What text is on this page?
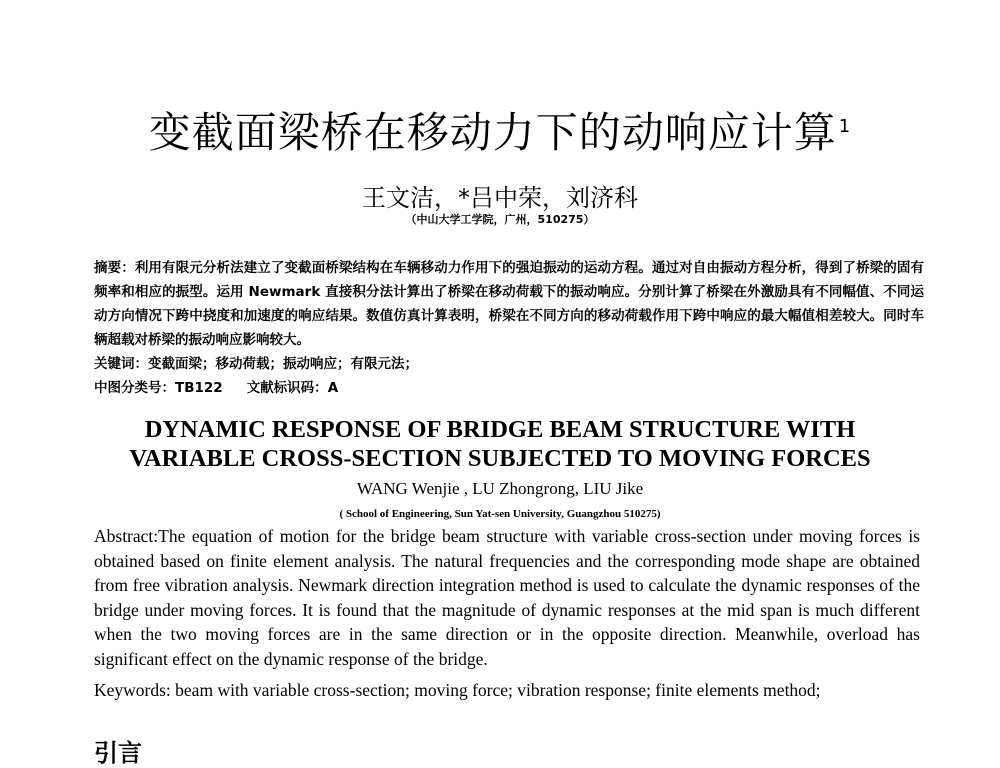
变截面梁桥在移动力下的动响应计算 $^1$
王文洁，*吕中荣，刘济科
（中山大学工学院，广州，510275）

摘要：利用有限元分析法建立了变截面桥梁结构在车辆移动力作用下的强迫振动的运动方程。通过对自由振动方程分析，得到了桥梁的固有频率和相应的振型。运用 Newmark 直接积分法计算出了桥梁在移动荷载下的振动响应。分别计算了桥梁在外激励具有不同幅值、不同运动方向情况下跨中挠度和加速度的响应结果。数值仿真计算表明，桥梁在不同方向的移动荷载作用下跨中响应的最大幅值相差较大。同时车辆超载对桥梁的振动响应影响较大。

关键词：变截面梁；移动荷载；振动响应；有限元法；

中图分类号：TB122 文献标识码：A

DYNAMIC RESPONSE OF BRIDGE BEAM STRUCTURE WITH
VARIABLE CROSS-SECTION SUBJECTED TO MOVING FORCES
WANG Wenjie , LU Zhongrong, LIU Jike
( School of Engineering, Sun Yat-sen University, Guangzhou 510275)

Abstract:The equation of motion for the bridge beam structure with variable cross-section under moving forces is obtained based on finite element analysis. The natural frequencies and the corresponding mode shape are obtained from free vibration analysis. Newmark direction integration method is used to calculate the dynamic responses of the bridge under moving forces. It is found that the magnitude of dynamic responses at the mid span is much different when the two moving forces are in the same direction or in the opposite direction. Meanwhile, overload has significant effect on the dynamic response of the bridge.

Keywords: beam with variable cross-section; moving force; vibration response; finite elements method;

引言
